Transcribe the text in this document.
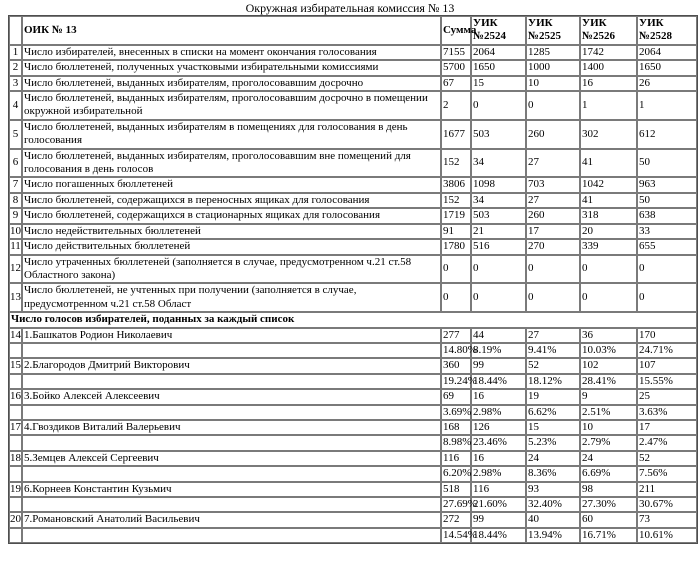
Окружная избирательная комиссия № 13
	ОИК № 13	Сумма	УИК №2524	УИК №2525	УИК №2526	УИК №2528
1	Число избирателей, внесенных в списки на момент окончания голосования	7155	2064	1285	1742	2064
2	Число бюллетеней, полученных участковыми избирательными комиссиями	5700	1650	1000	1400	1650
3	Число бюллетеней, выданных избирателям, проголосовавшим досрочно	67	15	10	16	26
4	Число бюллетеней, выданных избирателям, проголосовавшим досрочно в помещении окружной избирательной	2	0	0	1	1
5	Число бюллетеней, выданных избирателям в помещениях для голосования в день голосования	1677	503	260	302	612
6	Число бюллетеней, выданных избирателям, проголосовавшим вне помещений для голосования в день голосов	152	34	27	41	50
7	Число погашенных бюллетеней	3806	1098	703	1042	963
8	Число бюллетеней, содержащихся в переносных ящиках для голосования	152	34	27	41	50
9	Число бюллетеней, содержащихся в стационарных ящиках для голосования	1719	503	260	318	638
10	Число недействительных бюллетеней	91	21	17	20	33
11	Число действительных бюллетеней	1780	516	270	339	655
12	Число утраченных бюллетеней (заполняется в случае, предусмотренном ч.21 ст.58 Областного закона)	0	0	0	0	0
13	Число бюллетеней, не учтенных при получении (заполняется в случае, предусмотренном ч.21 ст.58 Област	0	0	0	0	0
Число голосов избирателей, поданных за каждый список						
14	1.Башкатов Родион Николаевич	277	44	27	36	170
		14.80%	8.19%	9.41%	10.03%	24.71%
15	2.Благородов Дмитрий Викторович	360	99	52	102	107
		19.24%	18.44%	18.12%	28.41%	15.55%
16	3.Бойко Алексей Алексеевич	69	16	19	9	25
		3.69%	2.98%	6.62%	2.51%	3.63%
17	4.Гвоздиков Виталий Валерьевич	168	126	15	10	17
		8.98%	23.46%	5.23%	2.79%	2.47%
18	5.Земцев Алексей Сергеевич	116	16	24	24	52
		6.20%	2.98%	8.36%	6.69%	7.56%
19	6.Корнеев Константин Кузьмич	518	116	93	98	211
		27.69%	21.60%	32.40%	27.30%	30.67%
20	7.Романовский Анатолий Васильевич	272	99	40	60	73
		14.54%	18.44%	13.94%	16.71%	10.61%
